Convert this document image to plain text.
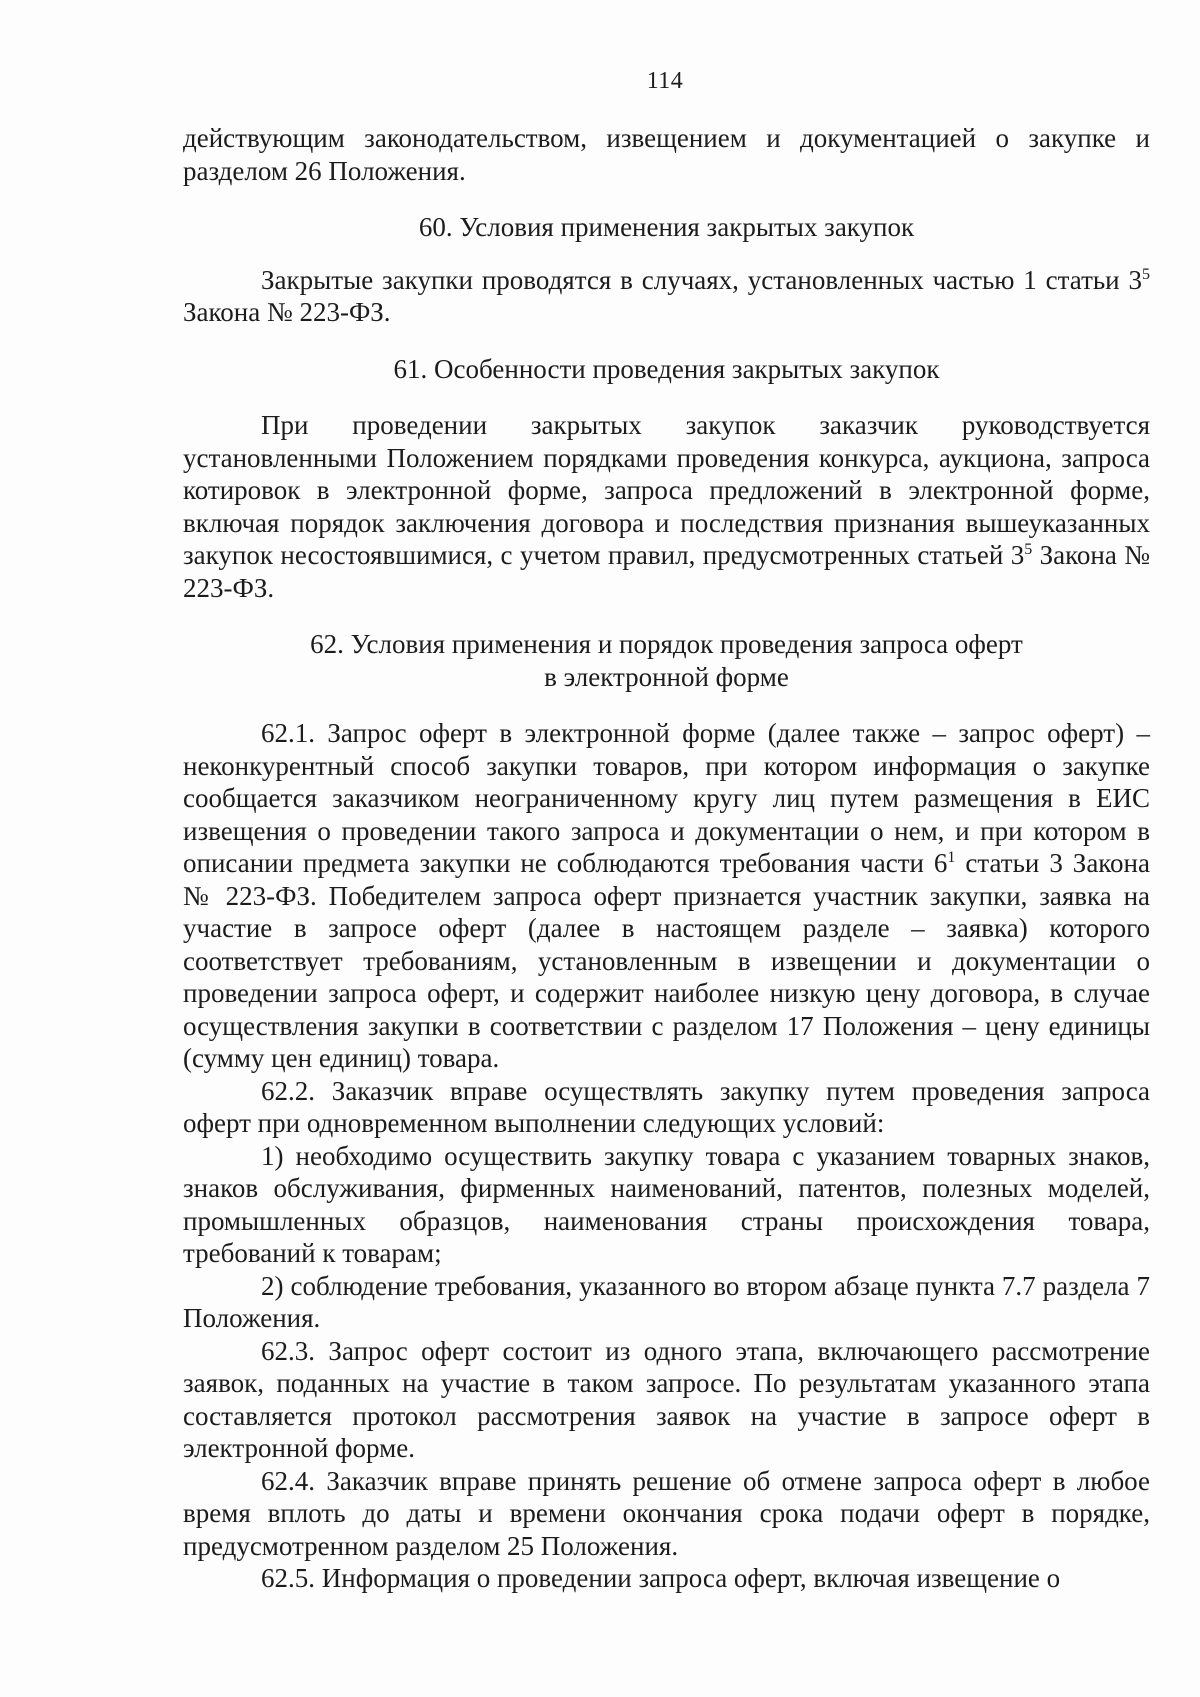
114

действующим законодательством, извещением и документацией о закупке и разделом 26 Положения.

60. Условия применения закрытых закупок

Закрытые закупки проводятся в случаях, установленных частью 1 статьи $3^5$ Закона № 223-ФЗ.

61. Особенности проведения закрытых закупок

При проведении закрытых закупок заказчик руководствуется установленными Положением порядками проведения конкурса, аукциона, запроса котировок в электронной форме, запроса предложений в электронной форме, включая порядок заключения договора и последствия признания вышеуказанных закупок несостоявшимися, с учетом правил, предусмотренных статьей $3^5$ Закона № 223-ФЗ.

62. Условия применения и порядок проведения запроса оферт

в электронной форме

62.1. Запрос оферт в электронной форме (далее также – запрос оферт) – неконкурентный способ закупки товаров, при котором информация о закупке сообщается заказчиком неограниченному кругу лиц путем размещения в ЕИС извещения о проведении такого запроса и документации о нем, и при котором в описании предмета закупки не соблюдаются требования части $6^1$ статьи 3 Закона № 223-ФЗ. Победителем запроса оферт признается участник закупки, заявка на участие в запросе оферт (далее в настоящем разделе – заявка) которого соответствует требованиям, установленным в извещении и документации о проведении запроса оферт, и содержит наиболее низкую цену договора, в случае осуществления закупки в соответствии с разделом 17 Положения – цену единицы (сумму цен единиц) товара.

62.2. Заказчик вправе осуществлять закупку путем проведения запроса оферт при одновременном выполнении следующих условий:

1) необходимо осуществить закупку товара с указанием товарных знаков, знаков обслуживания, фирменных наименований, патентов, полезных моделей, промышленных образцов, наименования страны происхождения товара, требований к товарам;

2) соблюдение требования, указанного во втором абзаце пункта 7.7 раздела 7 Положения.

62.3. Запрос оферт состоит из одного этапа, включающего рассмотрение заявок, поданных на участие в таком запросе. По результатам указанного этапа составляется протокол рассмотрения заявок на участие в запросе оферт в электронной форме.

62.4. Заказчик вправе принять решение об отмене запроса оферт в любое время вплоть до даты и времени окончания срока подачи оферт в порядке, предусмотренном разделом 25 Положения.

62.5. Информация о проведении запроса оферт, включая извещение о
